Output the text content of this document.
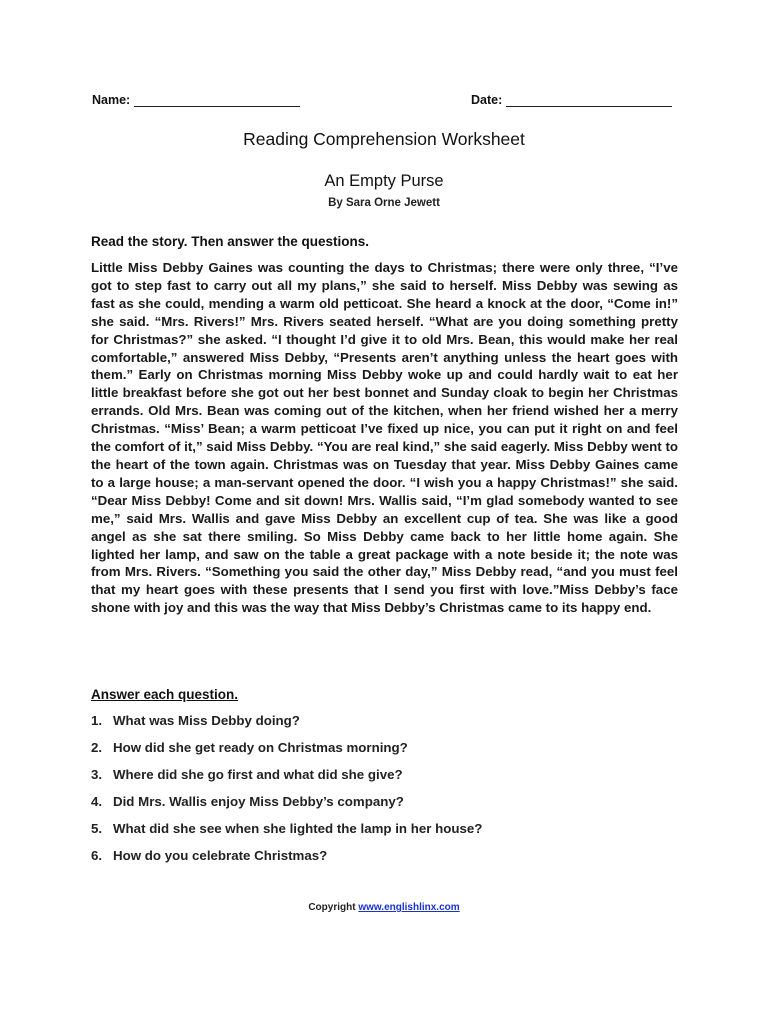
Name:	Date:
Reading Comprehension Worksheet
An Empty Purse
By Sara Orne Jewett
Read the story. Then answer the questions.

Little Miss Debby Gaines was counting the days to Christmas; there were only three, “I’ve got to step fast to carry out all my plans,” she said to herself. Miss Debby was sewing as fast as she could, mending a warm old petticoat. She heard a knock at the door, “Come in!” she said. “Mrs. Rivers!” Mrs. Rivers seated herself. “What are you doing something pretty for Christmas?” she asked. “I thought I’d give it to old Mrs. Bean, this would make her real comfortable,” answered Miss Debby, “Presents aren’t anything unless the heart goes with them.” Early on Christmas morning Miss Debby woke up and could hardly wait to eat her little breakfast before she got out her best bonnet and Sunday cloak to begin her Christmas errands. Old Mrs. Bean was coming out of the kitchen, when her friend wished her a merry Christmas. “Miss’ Bean; a warm petticoat I’ve fixed up nice, you can put it right on and feel the comfort of it,” said Miss Debby. “You are real kind,” she said eagerly. Miss Debby went to the heart of the town again. Christmas was on Tuesday that year. Miss Debby Gaines came to a large house; a man-servant opened the door. “I wish you a happy Christmas!” she said. “Dear Miss Debby! Come and sit down! Mrs. Wallis said, “I’m glad somebody wanted to see me,” said Mrs. Wallis and gave Miss Debby an excellent cup of tea. She was like a good angel as she sat there smiling. So Miss Debby came back to her little home again. She lighted her lamp, and saw on the table a great package with a note beside it; the note was from Mrs. Rivers. “Something you said the other day,” Miss Debby read, “and you must feel that my heart goes with these presents that I send you first with love.”Miss Debby’s face shone with joy and this was the way that Miss Debby’s Christmas came to its happy end.

Answer each question.
1. What was Miss Debby doing?
2. How did she get ready on Christmas morning?
3. Where did she go first and what did she give?
4. Did Mrs. Wallis enjoy Miss Debby’s company?
5. What did she see when she lighted the lamp in her house?
6. How do you celebrate Christmas?
Copyright www.englishlinx.com
